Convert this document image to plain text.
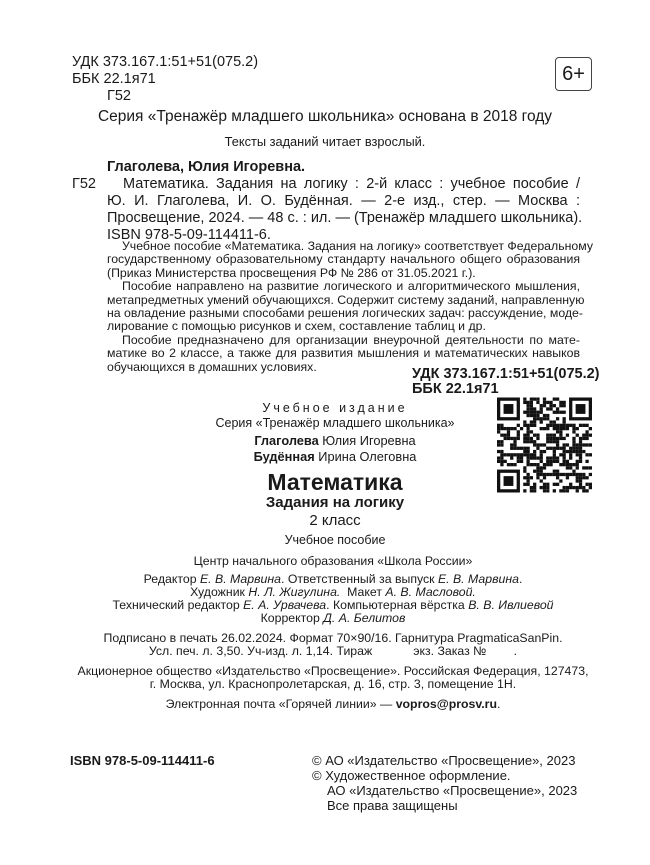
УДК 373.167.1:51+51(075.2)
ББК 22.1я71
Г52
6+
Серия «Тренажёр младшего школьника» основана в 2018 году
Тексты заданий читает взрослый.
Глаголева, Юлия Игоревна.
Г52
ISBN 978-5-09-114411-6.
УДК 373.167.1:51+51(075.2)
ББК 22.1я71
Учебное издание
Серия «Тренажёр младшего школьника»
Глаголева Юлия Игоревна
Будённая Ирина Олеговна
Математика
Задания на логику
2 класс
Учебное пособие
Центр начального образования «Школа России»
Электронная почта «Горячей линии» — vopros@prosv.ru.
ISBN 978-5-09-114411-6
Математика. Задания на логику : 2-й класс : учебное пособие /
Ю. И. Глаголева, И. О. Будённая. — 2-е изд., стер. — Москва :
Просвещение, 2024. — 48 с. : ил. — (Тренажёр младшего школьника).
Учебное пособие «Математика. Задания на логику» соответствует Федеральному
государственному образовательному стандарту начального общего образования
(Приказ Министерства просвещения РФ № 286 от 31.05.2021 г.).
Пособие направлено на развитие логического и алгоритмического мышления,
метапредметных умений обучающихся. Содержит систему заданий, направленную
на овладение разными способами решения логических задач: рассуждение, моде-
лирование с помощью рисунков и схем, составление таблиц и др.
Пособие предназначено для организации внеурочной деятельности по мате-
матике во 2 классе, а также для развития мышления и математических навыков
обучающихся в домашних условиях.
Редактор Е. В. Марвина. Ответственный за выпуск Е. В. Марвина.
Художник Н. Л. Жигулина.  Макет А. В. Масловой.
Технический редактор Е. А. Урвачева. Компьютерная вёрстка В. В. Ивлиевой
Корректор Д. А. Белитов
Подписано в печать 26.02.2024. Формат 70×90/16. Гарнитура PragmaticaSanPin.
Усл. печ. л. 3,50. Уч-изд. л. 1,14. Тираж            экз. Заказ №        .
Акционерное общество «Издательство «Просвещение». Российская Федерация, 127473,
г. Москва, ул. Краснопролетарская, д. 16, стр. 3, помещение 1Н.
© АО «Издательство «Просвещение», 2023
© Художественное оформление.
АО «Издательство «Просвещение», 2023
Все права защищены
